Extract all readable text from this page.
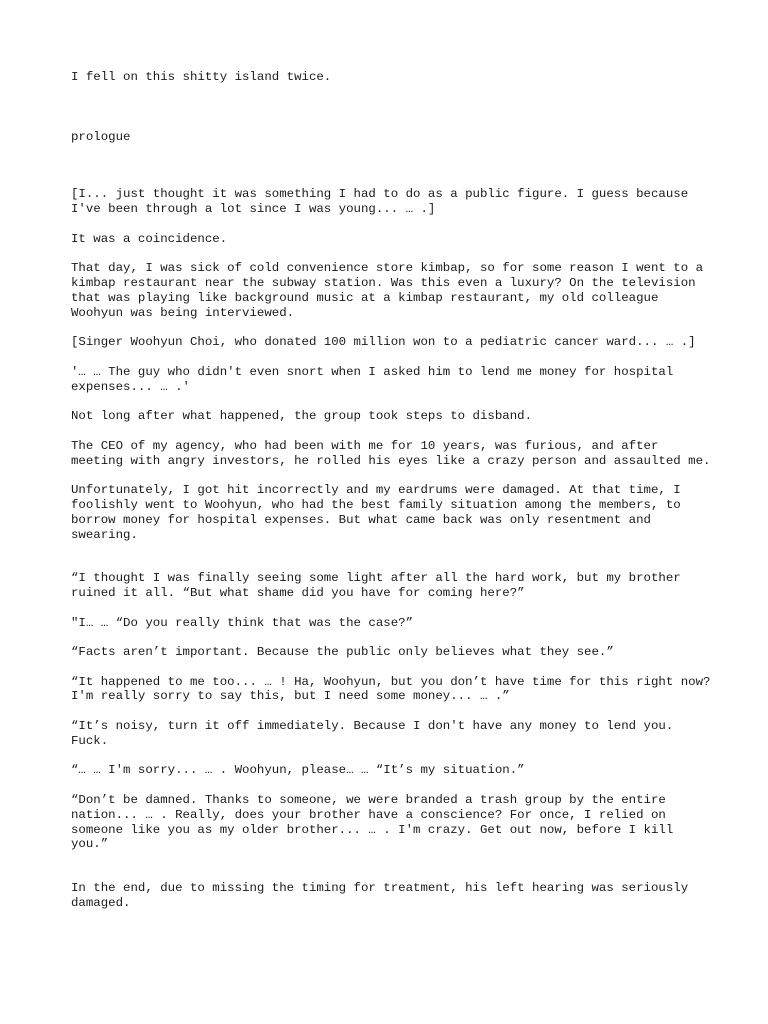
I fell on this shitty island twice.

prologue

[I... just thought it was something I had to do as a public figure. I guess because I've been through a lot since I was young... … .]

It was a coincidence.

That day, I was sick of cold convenience store kimbap, so for some reason I went to a kimbap restaurant near the subway station. Was this even a luxury? On the television that was playing like background music at a kimbap restaurant, my old colleague Woohyun was being interviewed.

[Singer Woohyun Choi, who donated 100 million won to a pediatric cancer ward... … .]

'… … The guy who didn't even snort when I asked him to lend me money for hospital expenses... … .'

Not long after what happened, the group took steps to disband.

The CEO of my agency, who had been with me for 10 years, was furious, and after meeting with angry investors, he rolled his eyes like a crazy person and assaulted me.

Unfortunately, I got hit incorrectly and my eardrums were damaged. At that time, I foolishly went to Woohyun, who had the best family situation among the members, to borrow money for hospital expenses. But what came back was only resentment and swearing.

“I thought I was finally seeing some light after all the hard work, but my brother ruined it all. “But what shame did you have for coming here?”

"I… … “Do you really think that was the case?”

“Facts aren’t important. Because the public only believes what they see.”

“It happened to me too... … ! Ha, Woohyun, but you don’t have time for this right now? I'm really sorry to say this, but I need some money... … .”

“It’s noisy, turn it off immediately. Because I don't have any money to lend you. Fuck.

“… … I'm sorry... … . Woohyun, please… … “It’s my situation.”

“Don’t be damned. Thanks to someone, we were branded a trash group by the entire nation... … . Really, does your brother have a conscience? For once, I relied on someone like you as my older brother... … . I'm crazy. Get out now, before I kill you.”

In the end, due to missing the timing for treatment, his left hearing was seriously damaged.
